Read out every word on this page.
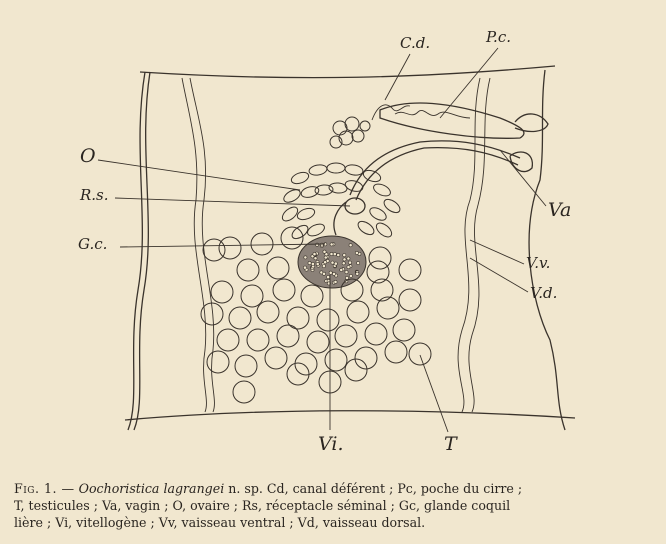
C.d.	P.c.
O
R.s.
G.c.
Va
V.v.
V.d.
Vi.	T
Fig. 1. — Oochoristica lagrangei n. sp. Cd, canal déférent ; Pc, poche du cirre ;
T, testicules ; Va, vagin ; O, ovaire ; Rs, réceptacle séminal ; Gc, glande coquil
lière ; Vi, vitellogène ; Vv, vaisseau ventral ; Vd, vaisseau dorsal.
